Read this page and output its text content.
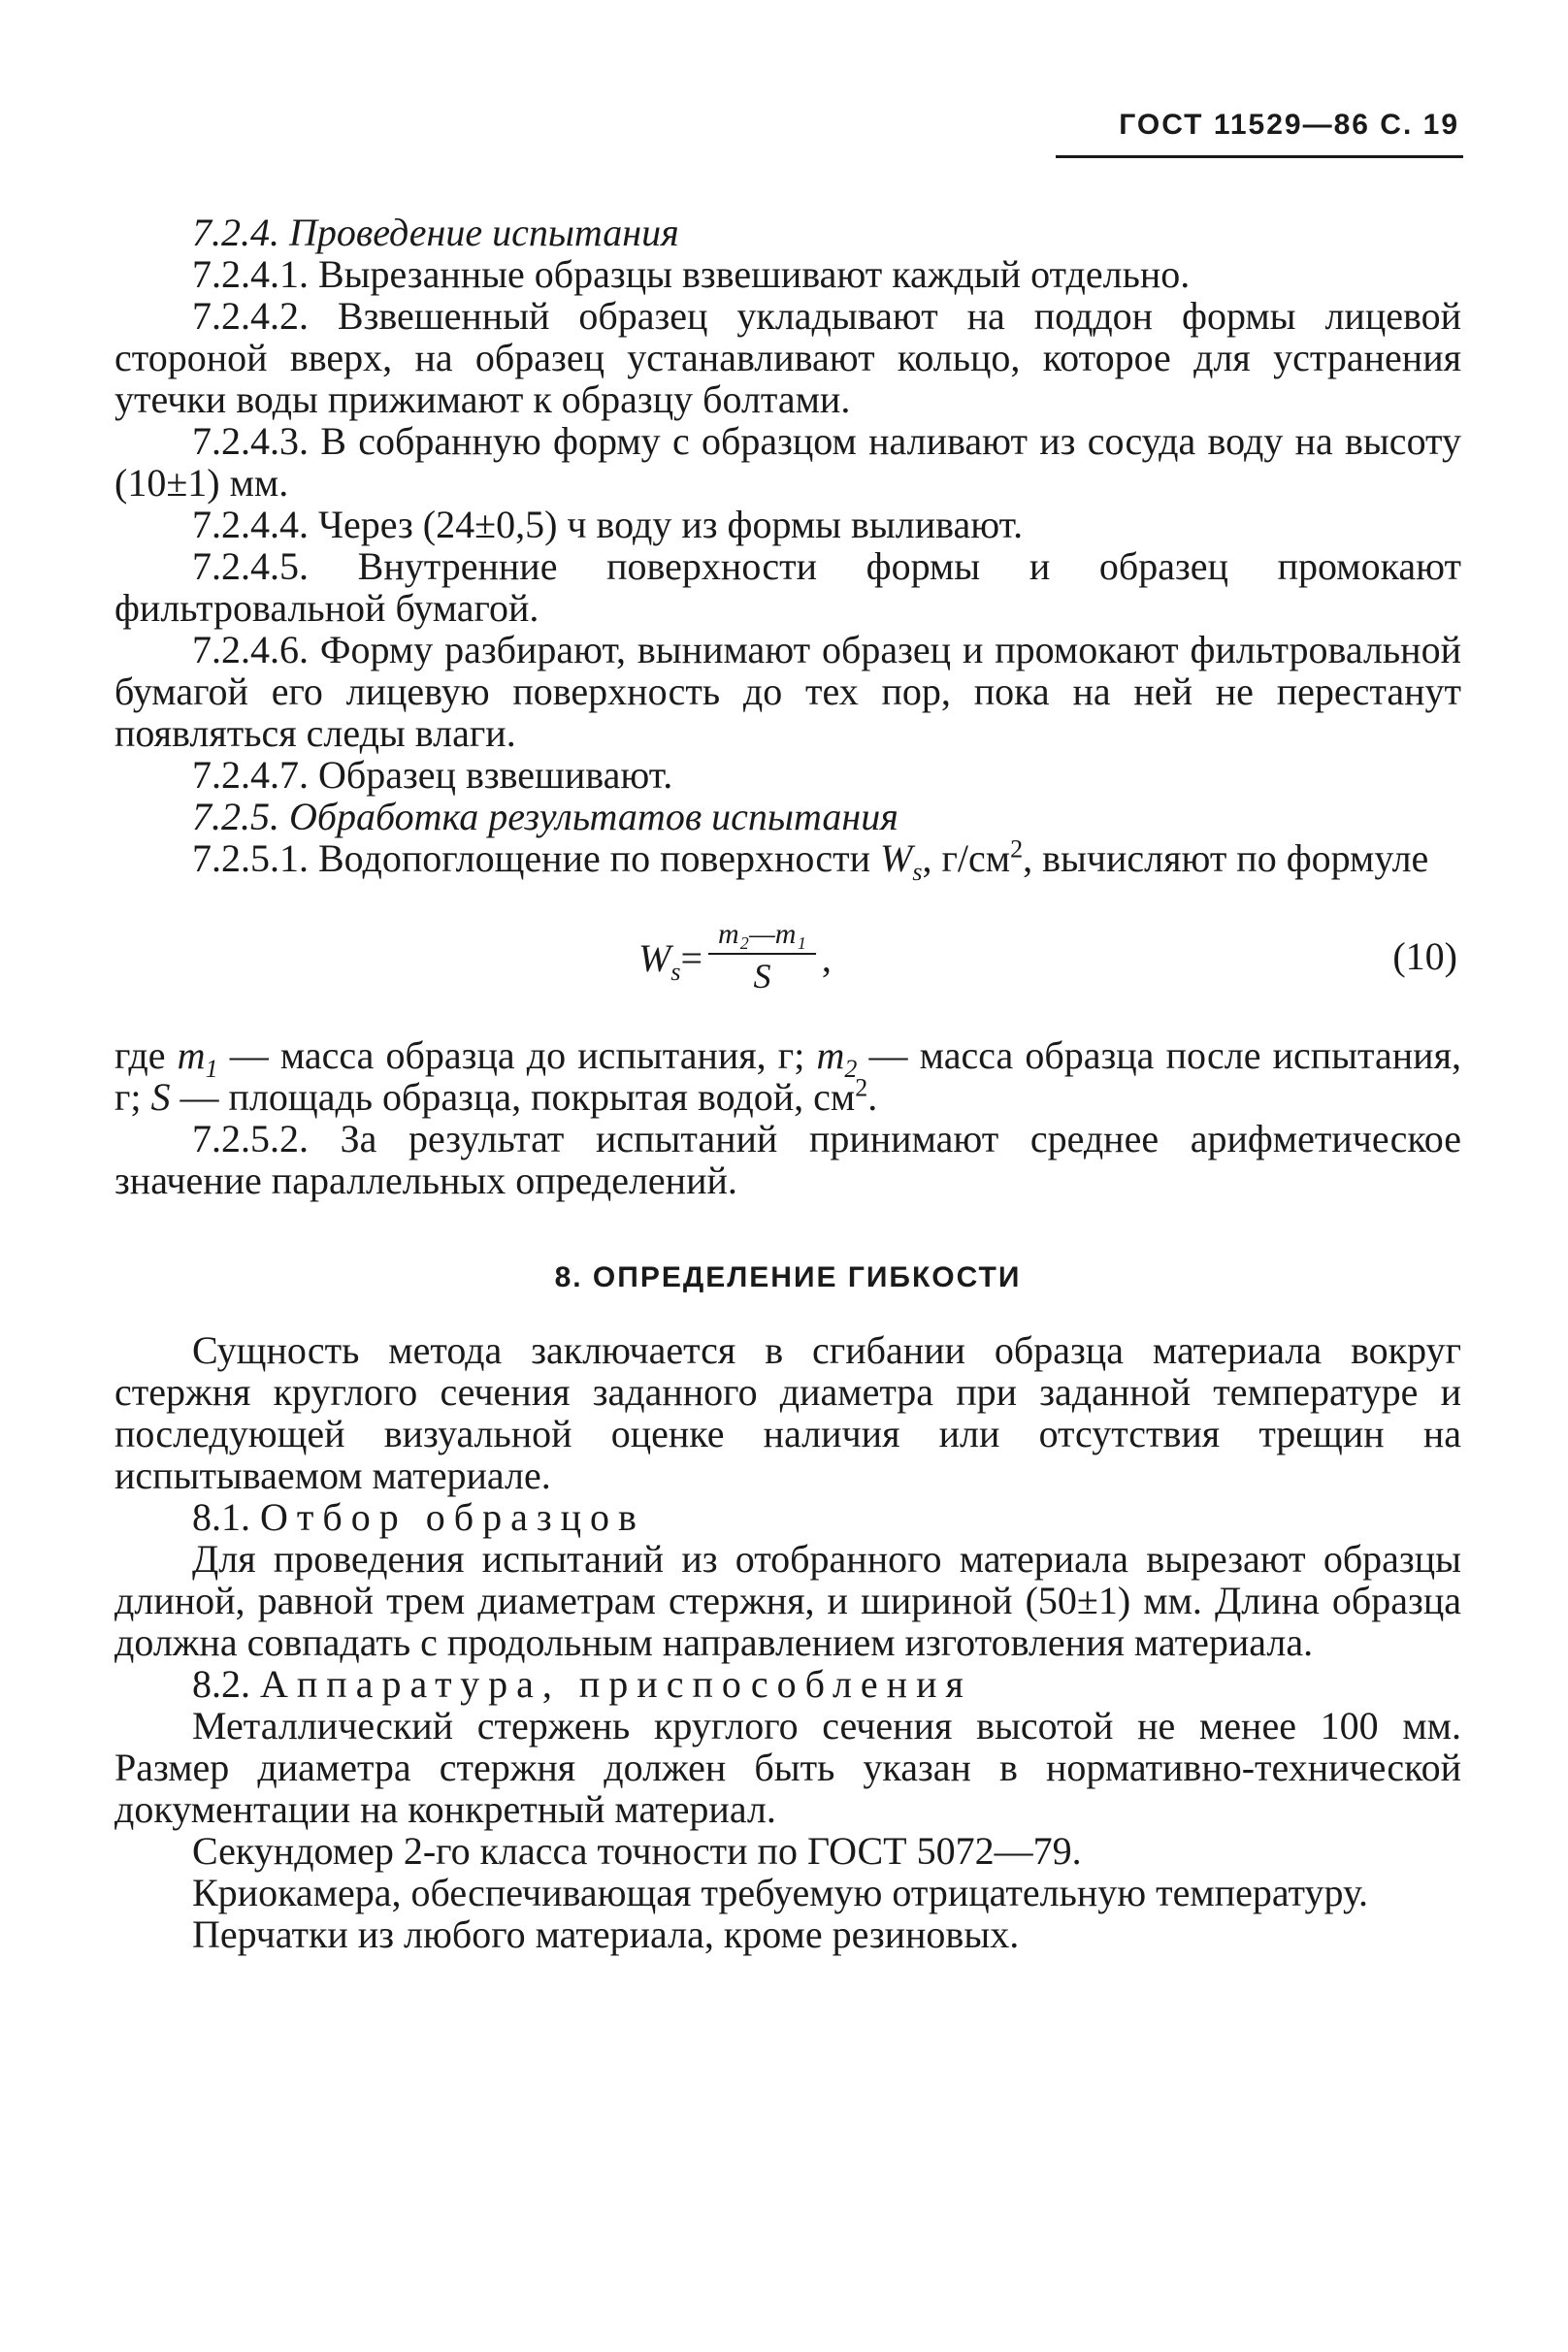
ГОСТ 11529—86 С. 19

7.2.4. Проведение испытания

7.2.4.1. Вырезанные образцы взвешивают каждый отдельно.

7.2.4.2. Взвешенный образец укладывают на поддон формы лицевой стороной вверх, на образец устанавливают кольцо, которое для устранения утечки воды прижимают к образцу болтами.

7.2.4.3. В собранную форму с образцом наливают из сосуда воду на высоту (10±1) мм.

7.2.4.4. Через (24±0,5) ч воду из формы выливают.

7.2.4.5. Внутренние поверхности формы и образец промокают фильтровальной бумагой.

7.2.4.6. Форму разбирают, вынимают образец и промокают фильтровальной бумагой его лицевую поверхность до тех пор, пока на ней не перестанут появляться следы влаги.

7.2.4.7. Образец взвешивают.

7.2.5. Обработка результатов испытания

7.2.5.1. Водопоглощение по поверхности $W_s$, $г/см^2$, вычисляют по формуле

$W_s = \frac{\text{m₂—m₁}}{S}$ ,	(10)

где $m_1$ — масса образца до испытания, г; $m_2$ — масса образца после испытания, г; S — площадь образца, покрытая водой, $см^2$.

7.2.5.2. За результат испытаний принимают среднее арифметическое значение параллельных определений.

8. ОПРЕДЕЛЕНИЕ ГИБКОСТИ

Сущность метода заключается в сгибании образца материала вокруг стержня круглого сечения заданного диаметра при заданной температуре и последующей визуальной оценке наличия или отсутствия трещин на испытываемом материале.

8.1. Отбор образцов

Для проведения испытаний из отобранного материала вырезают образцы длиной, равной трем диаметрам стержня, и шириной (50±1) мм. Длина образца должна совпадать с продольным направлением изготовления материала.

8.2. Аппаратура, приспособления

Металлический стержень круглого сечения высотой не менее 100 мм. Размер диаметра стержня должен быть указан в нормативно-технической документации на конкретный материал.

Секундомер 2-го класса точности по ГОСТ 5072—79.

Криокамера, обеспечивающая требуемую отрицательную температуру.

Перчатки из любого материала, кроме резиновых.
